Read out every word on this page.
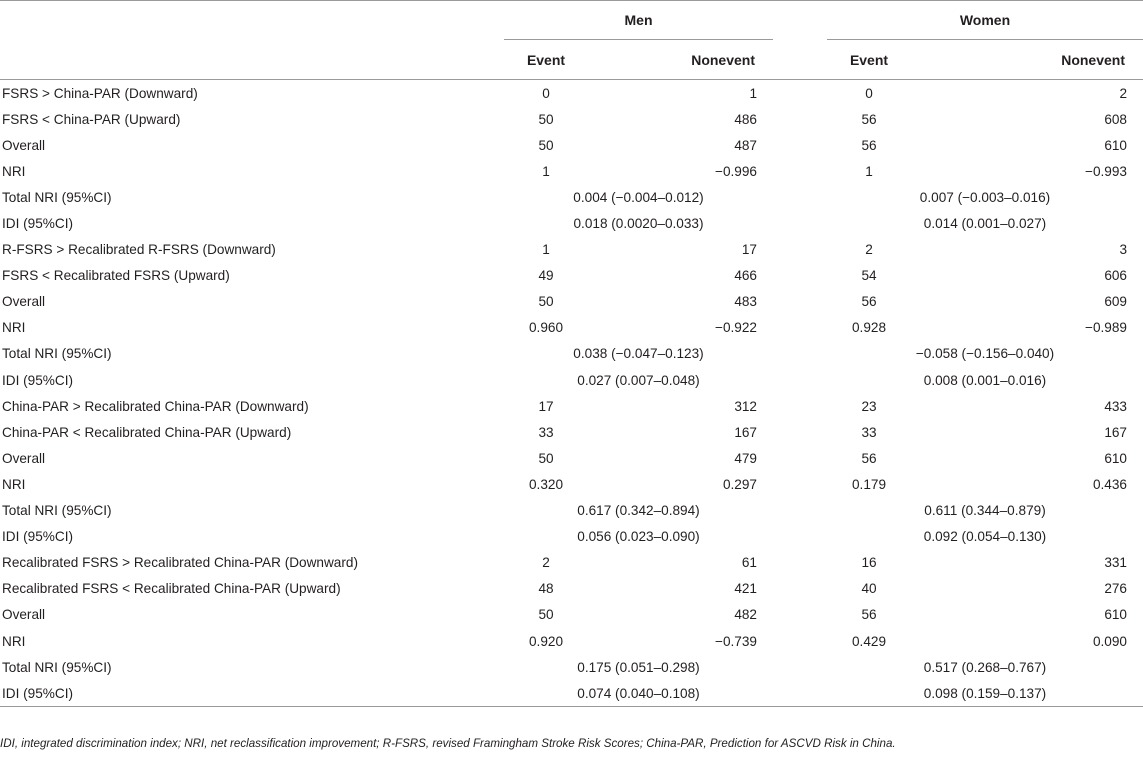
	Men			Women	
	Event	Nonevent		Event	Nonevent

FSRS > China-PAR (Downward)	0	1		0	2
FSRS < China-PAR (Upward)	50	486		56	608
Overall	50	487		56	610
NRI	1	−0.996		1	−0.993
Total NRI (95%CI)	0.004 (−0.004–0.012)			0.007 (−0.003–0.016)	
IDI (95%CI)	0.018 (0.0020–0.033)			0.014 (0.001–0.027)	
R-FSRS > Recalibrated R-FSRS (Downward)	1	17		2	3
FSRS < Recalibrated FSRS (Upward)	49	466		54	606
Overall	50	483		56	609
NRI	0.960	−0.922		0.928	−0.989
Total NRI (95%CI)	0.038 (−0.047–0.123)			−0.058 (−0.156–0.040)	
IDI (95%CI)	0.027 (0.007–0.048)			0.008 (0.001–0.016)	
China-PAR > Recalibrated China-PAR (Downward)	17	312		23	433
China-PAR < Recalibrated China-PAR (Upward)	33	167		33	167
Overall	50	479		56	610
NRI	0.320	0.297		0.179	0.436
Total NRI (95%CI)	0.617 (0.342–0.894)			0.611 (0.344–0.879)	
IDI (95%CI)	0.056 (0.023–0.090)			0.092 (0.054–0.130)	
Recalibrated FSRS > Recalibrated China-PAR (Downward)	2	61		16	331
Recalibrated FSRS < Recalibrated China-PAR (Upward)	48	421		40	276
Overall	50	482		56	610
NRI	0.920	−0.739		0.429	0.090
Total NRI (95%CI)	0.175 (0.051–0.298)			0.517 (0.268–0.767)	
IDI (95%CI)	0.074 (0.040–0.108)			0.098 (0.159–0.137)	

IDI, integrated discrimination index; NRI, net reclassification improvement; R-FSRS, revised Framingham Stroke Risk Scores; China-PAR, Prediction for ASCVD Risk in China.
